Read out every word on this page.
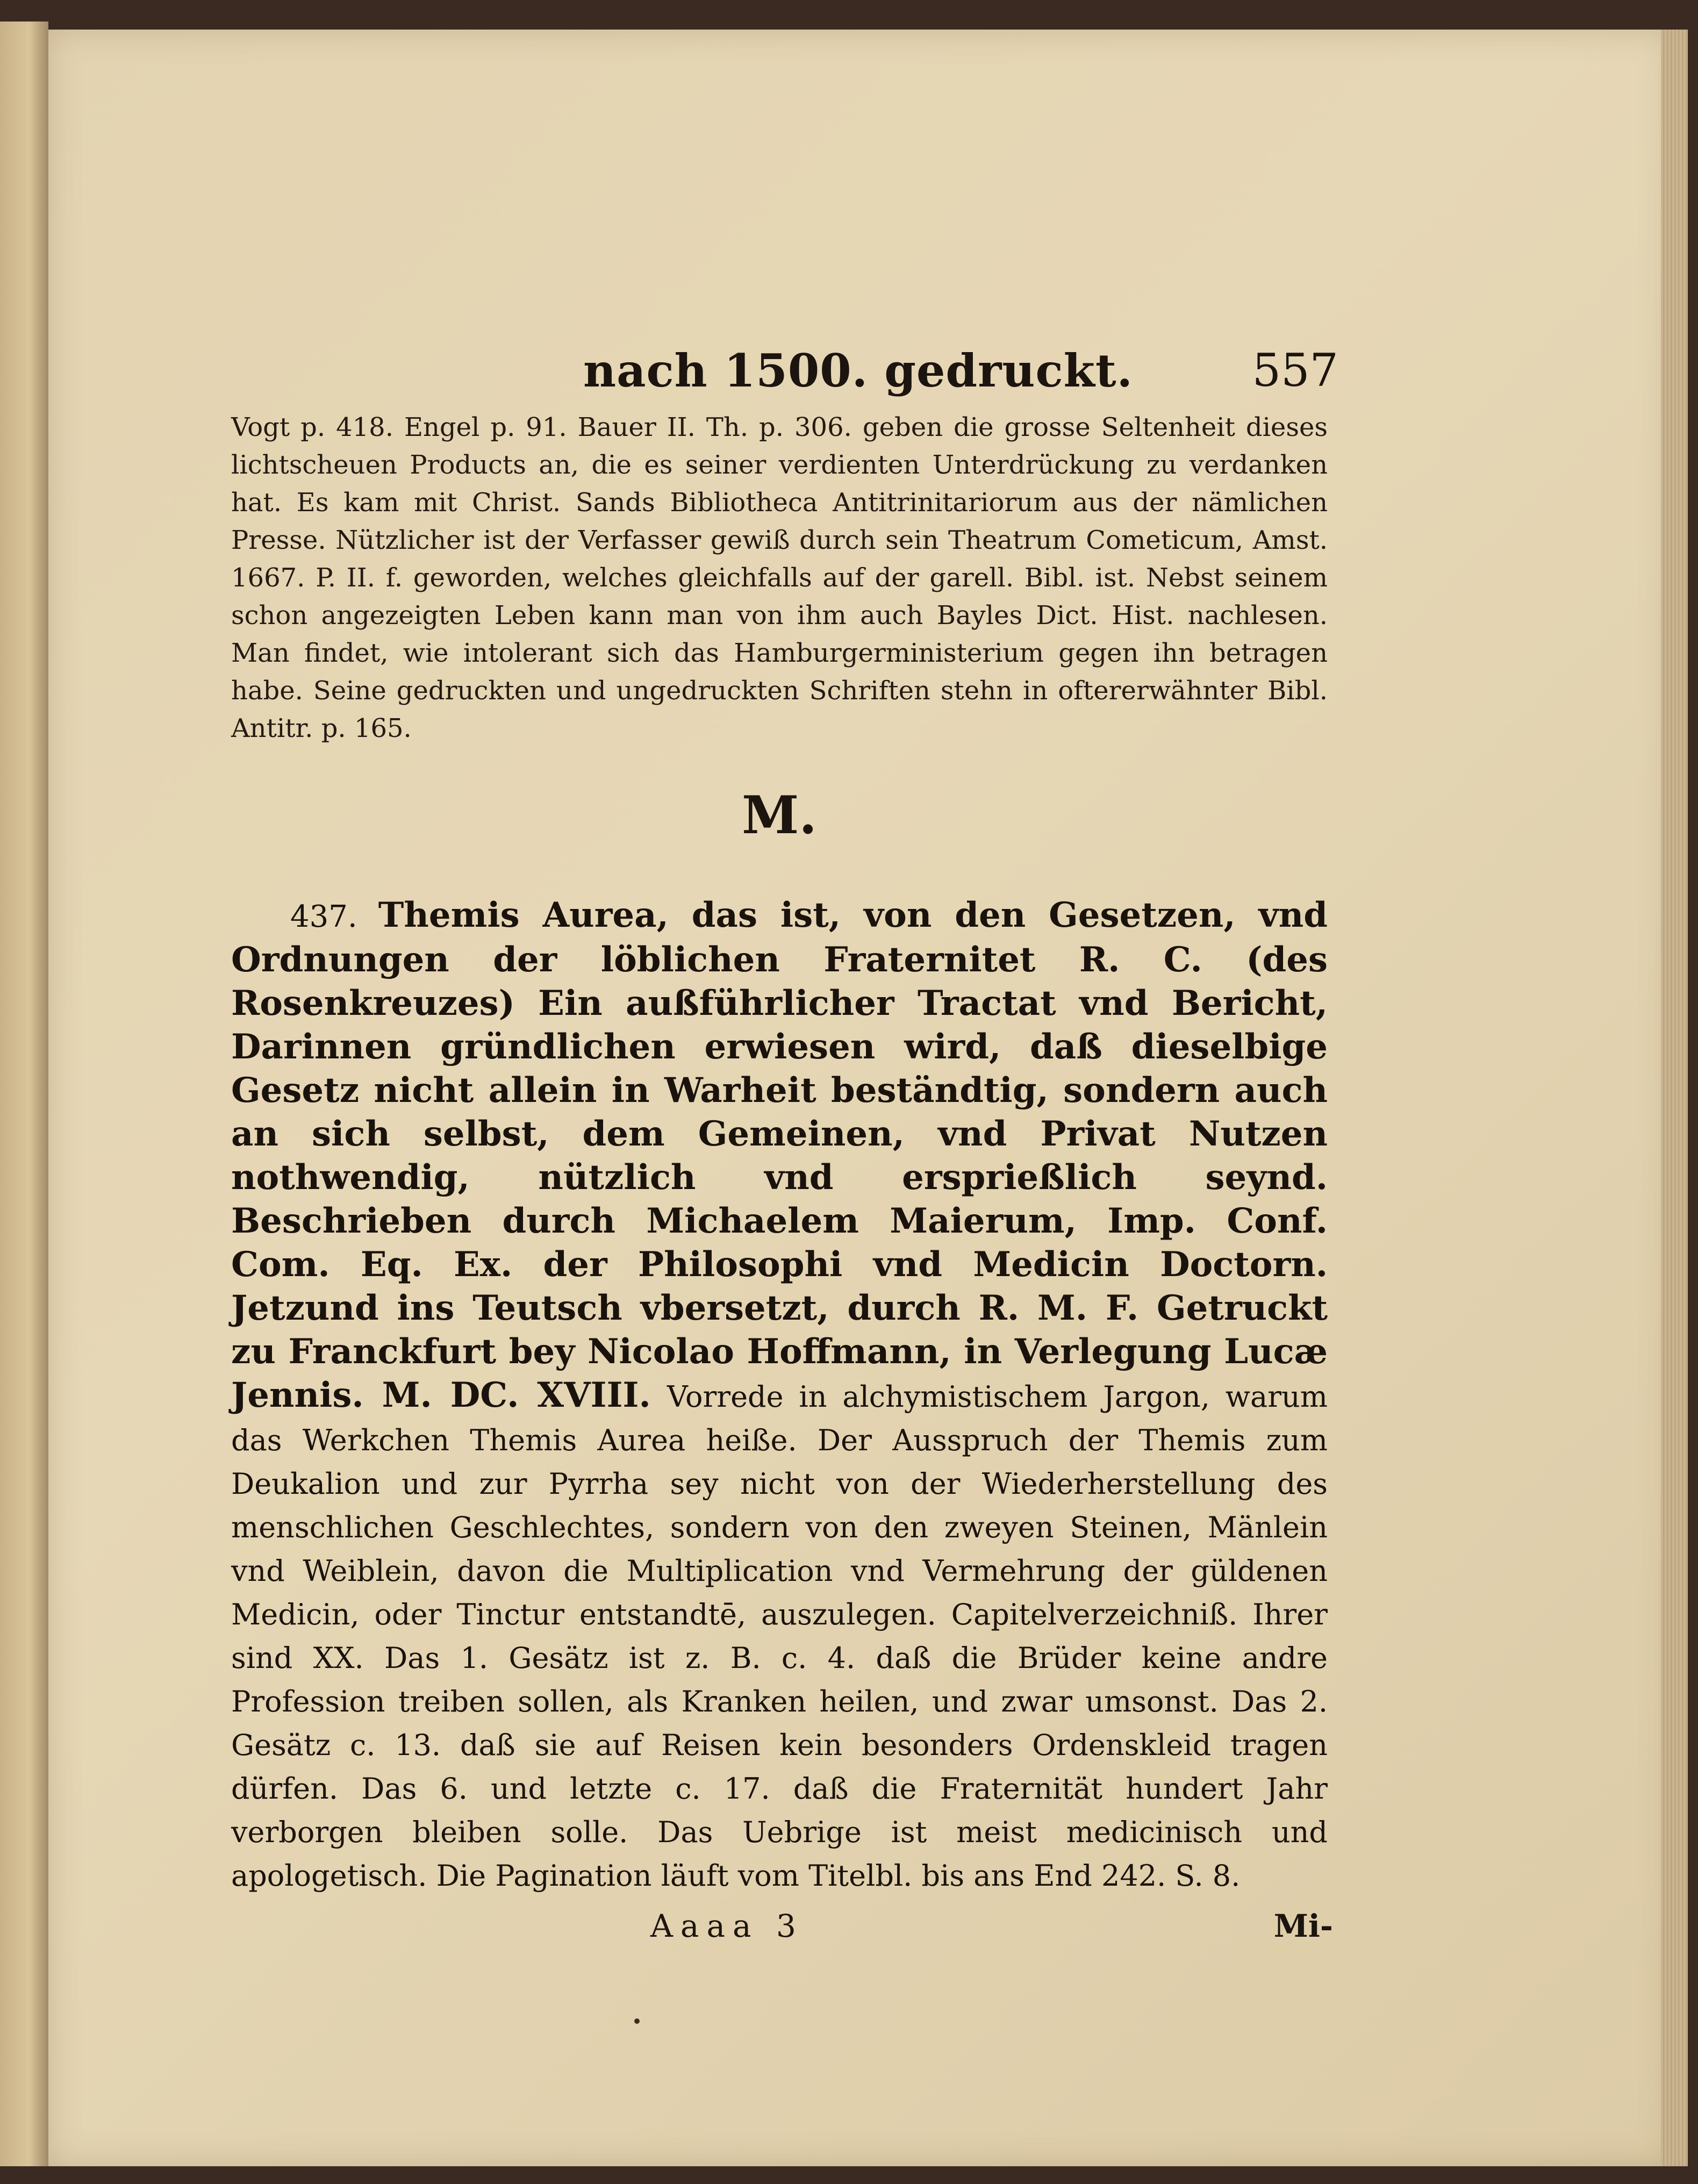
nach 1500. gedruckt.	557
Vogt p. 418. Engel p. 91. Bauer II. Th. p. 306. geben die grosse Seltenheit dieses lichtscheuen Products an, die es seiner verdienten Unterdrückung zu verdanken hat. Es kam mit Christ. Sands Bibliotheca Antitrinitariorum aus der nämlichen Presse. Nützlicher ist der Verfasser gewiß durch sein Theatrum Cometicum, Amst. 1667. P. II. f. geworden, welches gleichfalls auf der garell. Bibl. ist. Nebst seinem schon angezeigten Leben kann man von ihm auch Bayles Dict. Hist. nachlesen. Man findet, wie intolerant sich das Hamburgerministerium gegen ihn betragen habe. Seine gedruckten und ungedruckten Schriften stehn in oftererwähnter Bibl. Antitr. p. 165.
M.
437. Themis Aurea, das ist, von den Gesetzen, vnd Ordnungen der löblichen Fraternitet R. C. (des Rosenkreuzes) Ein außführlicher Tractat vnd Bericht, Darinnen gründlichen erwiesen wird, daß dieselbige Gesetz nicht allein in Warheit beständtig, sondern auch an sich selbst, dem Gemeinen, vnd Privat Nutzen nothwendig, nützlich vnd ersprießlich seynd. Beschrieben durch Michaelem Maierum, Imp. Conf. Com. Eq. Ex. der Philosophi vnd Medicin Doctorn. Jetzund ins Teutsch vbersetzt, durch R. M. F. Getruckt zu Franckfurt bey Nicolao Hoffmann, in Verlegung Lucæ Jennis. M. DC. XVIII. Vorrede in alchymistischem Jargon, warum das Werkchen Themis Aurea heiße. Der Ausspruch der Themis zum Deukalion und zur Pyrrha sey nicht von der Wiederherstellung des menschlichen Geschlechtes, sondern von den zweyen Steinen, Mänlein vnd Weiblein, davon die Multiplication vnd Vermehrung der güldenen Medicin, oder Tinctur entstandtē, auszulegen. Capitelverzeichniß. Ihrer sind XX. Das 1. Gesätz ist z. B. c. 4. daß die Brüder keine andre Profession treiben sollen, als Kranken heilen, und zwar umsonst. Das 2. Gesätz c. 13. daß sie auf Reisen kein besonders Ordenskleid tragen dürfen. Das 6. und letzte c. 17. daß die Fraternität hundert Jahr verborgen bleiben solle. Das Uebrige ist meist medicinisch und apologetisch. Die Pagination läuft vom Titelbl. bis ans End 242. S. 8.
Aaaa 3	Mi-
